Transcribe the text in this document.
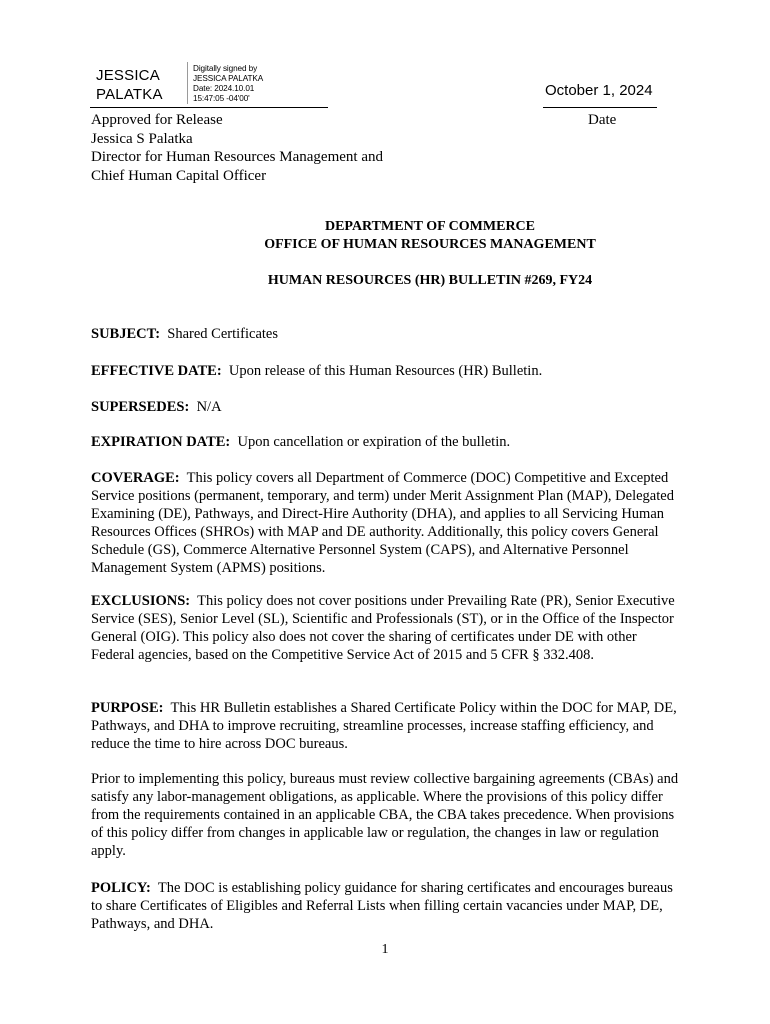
JESSICA
PALATKA
Digitally signed by
JESSICA PALATKA
Date: 2024.10.01
15:47:05 -04'00'	October 1, 2024
Date
Approved for Release
Jessica S Palatka
Director for Human Resources Management and
Chief Human Capital Officer
DEPARTMENT OF COMMERCE
OFFICE OF HUMAN RESOURCES MANAGEMENT
HUMAN RESOURCES (HR) BULLETIN #269, FY24
SUBJECT: Shared Certificates
EFFECTIVE DATE: Upon release of this Human Resources (HR) Bulletin.
SUPERSEDES: N/A
EXPIRATION DATE: Upon cancellation or expiration of the bulletin.
COVERAGE: This policy covers all Department of Commerce (DOC) Competitive and Excepted Service positions (permanent, temporary, and term) under Merit Assignment Plan (MAP), Delegated Examining (DE), Pathways, and Direct-Hire Authority (DHA), and applies to all Servicing Human Resources Offices (SHROs) with MAP and DE authority. Additionally, this policy covers General Schedule (GS), Commerce Alternative Personnel System (CAPS), and Alternative Personnel Management System (APMS) positions.
EXCLUSIONS: This policy does not cover positions under Prevailing Rate (PR), Senior Executive Service (SES), Senior Level (SL), Scientific and Professionals (ST), or in the Office of the Inspector General (OIG). This policy also does not cover the sharing of certificates under DE with other Federal agencies, based on the Competitive Service Act of 2015 and 5 CFR § 332.408.
PURPOSE: This HR Bulletin establishes a Shared Certificate Policy within the DOC for MAP, DE, Pathways, and DHA to improve recruiting, streamline processes, increase staffing efficiency, and reduce the time to hire across DOC bureaus.
Prior to implementing this policy, bureaus must review collective bargaining agreements (CBAs) and satisfy any labor-management obligations, as applicable. Where the provisions of this policy differ from the requirements contained in an applicable CBA, the CBA takes precedence. When provisions of this policy differ from changes in applicable law or regulation, the changes in law or regulation apply.
POLICY: The DOC is establishing policy guidance for sharing certificates and encourages bureaus to share Certificates of Eligibles and Referral Lists when filling certain vacancies under MAP, DE, Pathways, and DHA.
1
